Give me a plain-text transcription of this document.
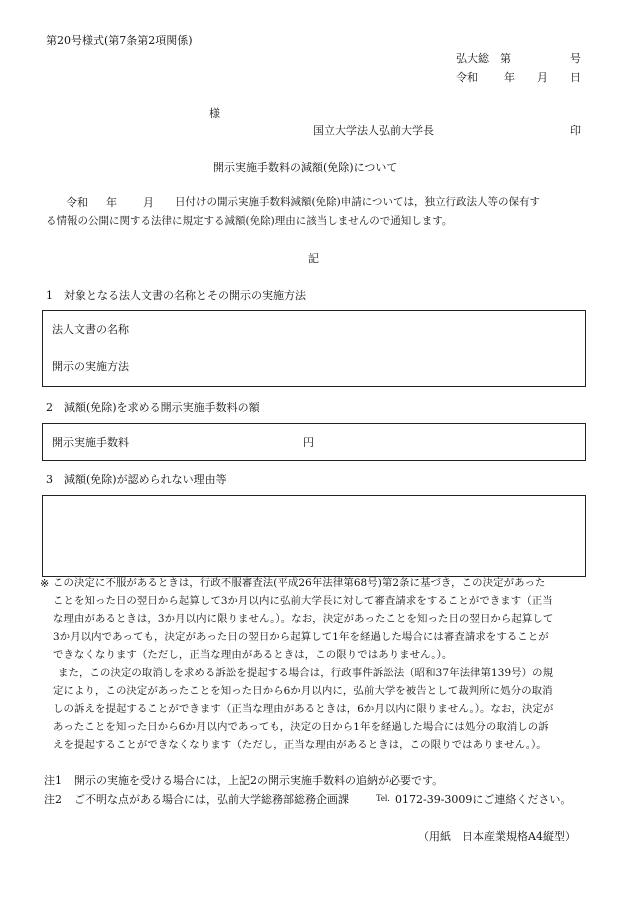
第20号様式(第7条第2項関係)
弘大総 第	号
令和 年 月 日
様
国立大学法人弘前大学長	印
開示実施手数料の減額(免除)について
令和 年 月 日付けの開示実施手数料減額(免除)申請については，独立行政法人等の保有す
る情報の公開に関する法律に規定する減額(免除)理由に該当しませんので通知します。
記
1　対象となる法人文書の名称とその開示の実施方法
法人文書の名称
開示の実施方法
2　減額(免除)を求める開示実施手数料の額
開示実施手数料	円
3　減額(免除)が認められない理由等
※ この決定に不服があるときは，行政不服審査法(平成26年法律第68号)第2条に基づき，この決定があった
ことを知った日の翌日から起算して3か月以内に弘前大学長に対して審査請求をすることができます（正当
な理由があるときは，3か月以内に限りません。）。なお，決定があったことを知った日の翌日から起算して
3か月以内であっても，決定があった日の翌日から起算して1年を経過した場合には審査請求をすることが
できなくなります（ただし，正当な理由があるときは，この限りではありません。）。
また，この決定の取消しを求める訴訟を提起する場合は，行政事件訴訟法（昭和37年法律第139号）の規
定により，この決定があったことを知った日から6か月以内に，弘前大学を被告として裁判所に処分の取消
しの訴えを提起することができます（正当な理由があるときは，6か月以内に限りません。）。なお，決定が
あったことを知った日から6か月以内であっても，決定の日から1年を経過した場合には処分の取消しの訴
えを提起することができなくなります（ただし，正当な理由があるときは，この限りではありません。）。
注1 開示の実施を受ける場合には，上記2の開示実施手数料の追納が必要です。
注2 ご不明な点がある場合には，弘前大学総務部総務企画課	Tel. 0172-39-3009にご連絡ください。
（用紙　日本産業規格A4縦型）
